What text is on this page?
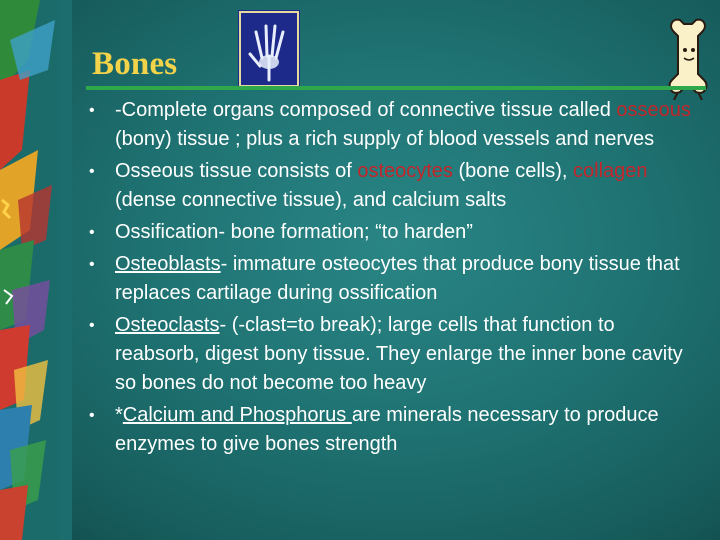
Bones
• -Complete organs composed of connective tissue called osseous (bony) tissue ; plus a rich supply of blood vessels and nerves
• Osseous tissue consists of osteocytes (bone cells), collagen (dense connective tissue), and calcium salts
• Ossification- bone formation; “to harden”
• Osteoblasts- immature osteocytes that produce bony tissue that replaces cartilage during ossification
• Osteoclasts- (-clast=to break); large cells that function to reabsorb, digest bony tissue. They enlarge the inner bone cavity so bones do not become too heavy
• *Calcium and Phosphorus are minerals necessary to produce enzymes to give bones strength
